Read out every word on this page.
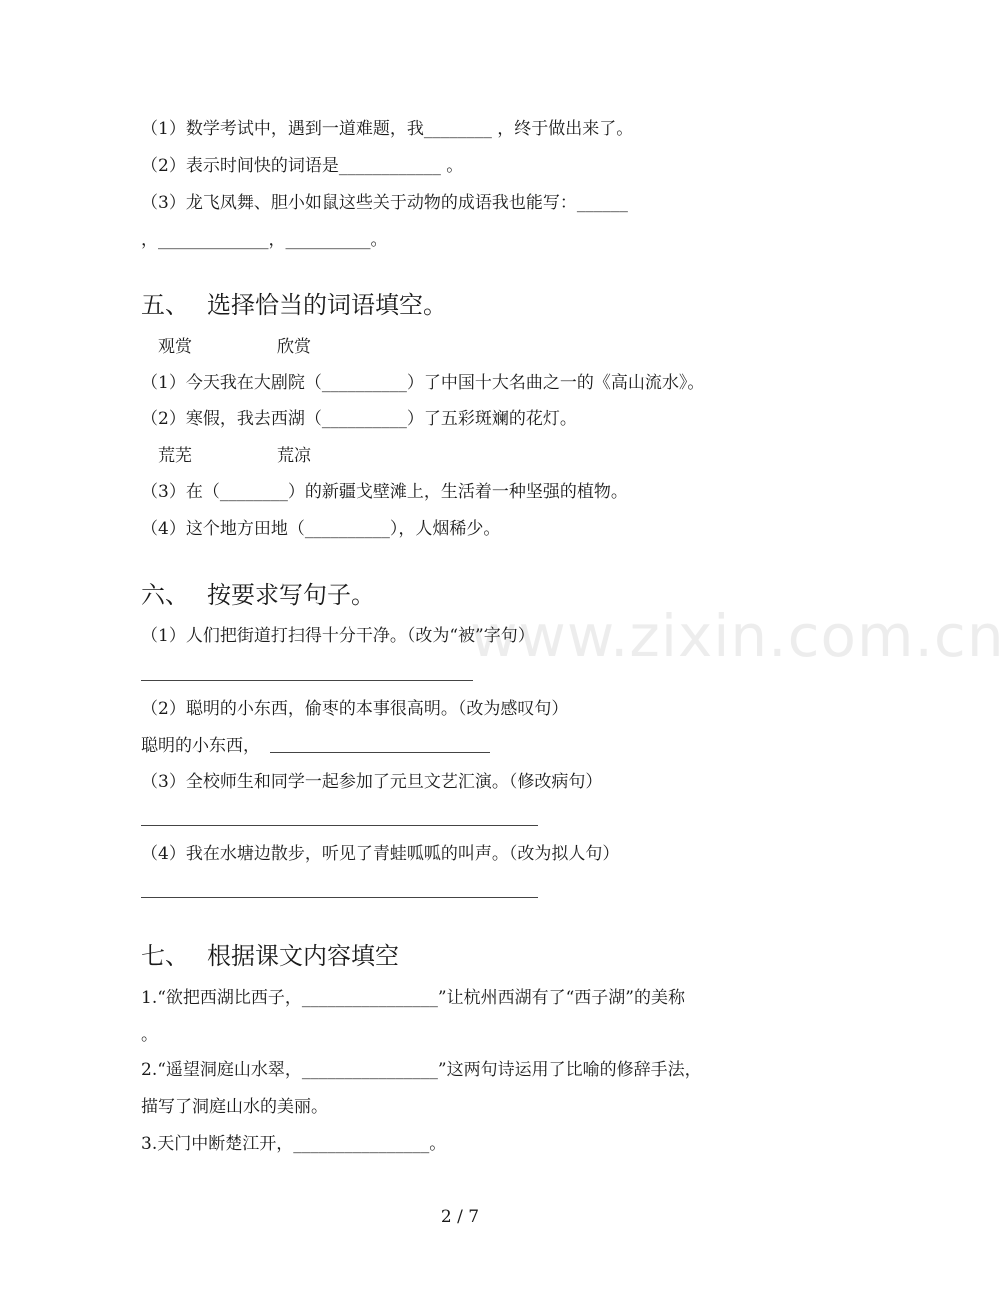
（1）数学考试中，遇到一道难题，我________ ，终于做出来了。
（2）表示时间快的词语是____________ 。
（3）龙飞凤舞、胆小如鼠这些关于动物的成语我也能写：______
，_____________，__________。
五、 选择恰当的词语填空。
观赏　　　　　欣赏
（1）今天我在大剧院（__________）了中国十大名曲之一的《高山流水》。
（2）寒假，我去西湖（__________）了五彩斑斓的花灯。
荒芜　　　　　荒凉
（3）在（________）的新疆戈壁滩上，生活着一种坚强的植物。
（4）这个地方田地（__________），人烟稀少。
六、 按要求写句子。
www.zixin.com.cn
（1）人们把街道打扫得十分干净。（改为“被”字句）
（2）聪明的小东西，偷枣的本事很高明。（改为感叹句）
聪明的小东西，
（3）全校师生和同学一起参加了元旦文艺汇演。（修改病句）
（4）我在水塘边散步，听见了青蛙呱呱的叫声。（改为拟人句）
七、 根据课文内容填空
1.“欲把西湖比西子，________________”让杭州西湖有了“西子湖”的美称
。
2.“遥望洞庭山水翠，________________”这两句诗运用了比喻的修辞手法，
描写了洞庭山水的美丽。
3.天门中断楚江开，________________。
2 / 7
